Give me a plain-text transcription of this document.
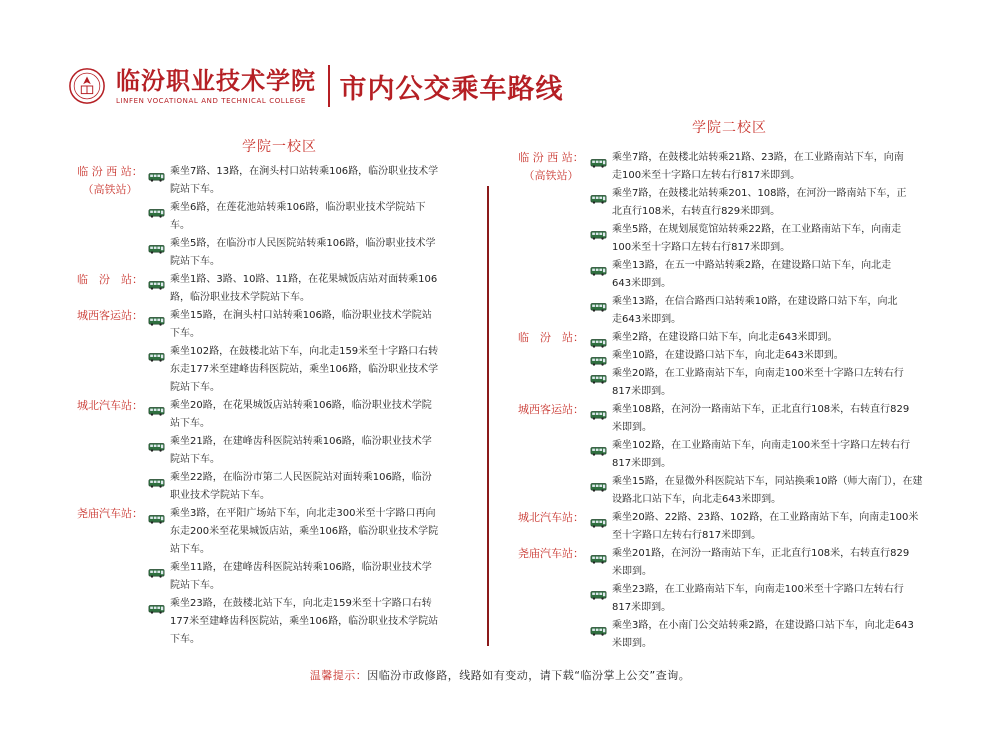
临汾职业技术学院
LINFEN VOCATIONAL AND TECHNICAL COLLEGE	市内公交乘车路线
学院一校区
学院二校区
临 汾 西 站：
（高铁站）
乘坐7路、13路，在涧头村口站转乘106路，临汾职业技术学
院站下车。
乘坐6路，在莲花池站转乘106路，临汾职业技术学院站下
车。
乘坐5路，在临汾市人民医院站转乘106路，临汾职业技术学
院站下车。
临　汾　站：	乘坐1路、3路、10路、11路，在花果城饭店站对面转乘106
路，临汾职业技术学院站下车。
城西客运站：	乘坐15路，在涧头村口站转乘106路，临汾职业技术学院站
下车。
乘坐102路，在鼓楼北站下车，向北走159米至十字路口右转
东走177米至建峰齿科医院站，乘坐106路，临汾职业技术学
院站下车。
城北汽车站：	乘坐20路，在花果城饭店站转乘106路，临汾职业技术学院
站下车。
乘坐21路，在建峰齿科医院站转乘106路，临汾职业技术学
院站下车。
乘坐22路，在临汾市第二人民医院站对面转乘106路，临汾
职业技术学院站下车。
尧庙汽车站：	乘坐3路，在平阳广场站下车，向北走300米至十字路口再向
东走200米至花果城饭店站，乘坐106路，临汾职业技术学院
站下车。
乘坐11路，在建峰齿科医院站转乘106路，临汾职业技术学
院站下车。
乘坐23路，在鼓楼北站下车，向北走159米至十字路口右转
177米至建峰齿科医院站，乘坐106路，临汾职业技术学院站
下车。
临 汾 西 站：
（高铁站）
乘坐7路，在鼓楼北站转乘21路、23路，在工业路南站下车，向南
走100米至十字路口左转右行817米即到。
乘坐7路，在鼓楼北站转乘201、108路，在河汾一路南站下车，正
北直行108米，右转直行829米即到。
乘坐5路，在规划展览馆站转乘22路，在工业路南站下车，向南走
100米至十字路口左转右行817米即到。
乘坐13路，在五一中路站转乘2路，在建设路口站下车，向北走
643米即到。
乘坐13路，在信合路西口站转乘10路，在建设路口站下车，向北
走643米即到。
临　汾　站：	乘坐2路，在建设路口站下车，向北走643米即到。
乘坐10路，在建设路口站下车，向北走643米即到。
乘坐20路，在工业路南站下车，向南走100米至十字路口左转右行
817米即到。
城西客运站：	乘坐108路，在河汾一路南站下车，正北直行108米，右转直行829
米即到。
乘坐102路，在工业路南站下车，向南走100米至十字路口左转右行
817米即到。
乘坐15路，在显微外科医院站下车，同站换乘10路（师大南门），在建
设路北口站下车，向北走643米即到。
城北汽车站：	乘坐20路、22路、23路、102路，在工业路南站下车，向南走100米
至十字路口左转右行817米即到。
尧庙汽车站：	乘坐201路，在河汾一路南站下车，正北直行108米，右转直行829
米即到。
乘坐23路，在工业路南站下车，向南走100米至十字路口左转右行
817米即到。
乘坐3路，在小南门公交站转乘2路，在建设路口站下车，向北走643
米即到。
温馨提示：因临汾市政修路，线路如有变动，请下载“临汾掌上公交”查询。
